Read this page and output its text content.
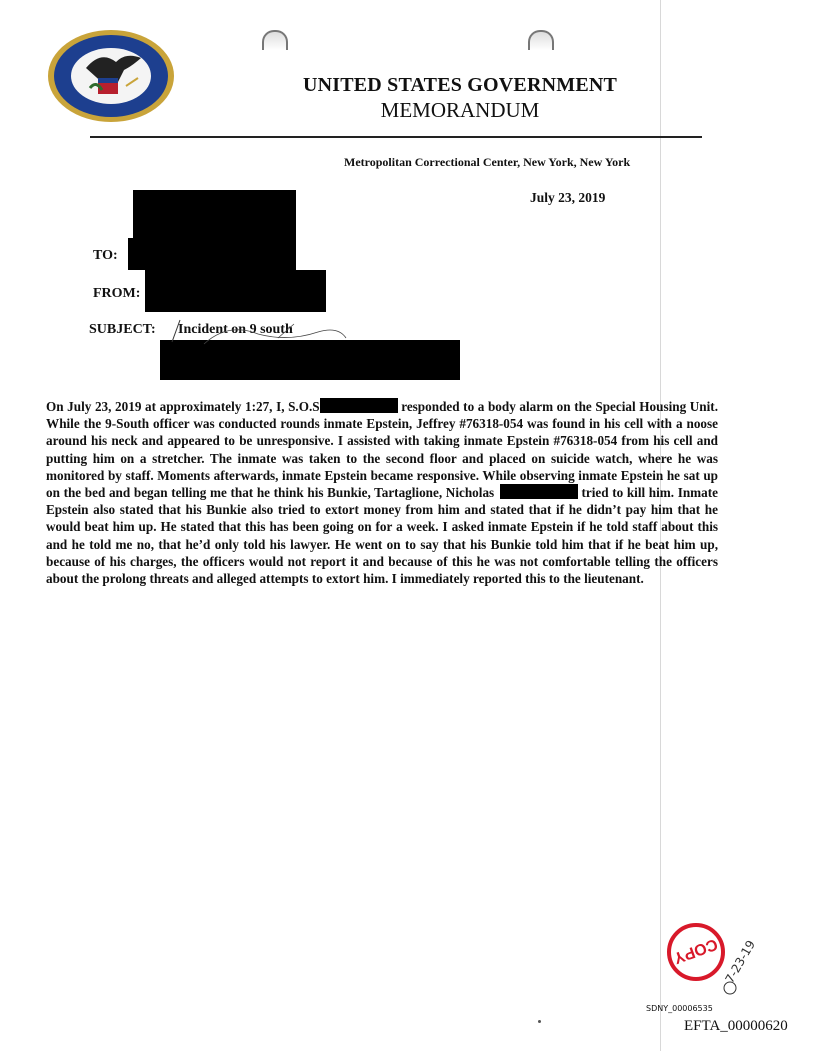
UNITED STATES GOVERNMENT
MEMORANDUM
Metropolitan Correctional Center, New York, New York
July 23, 2019
TO:
FROM:
SUBJECT: Incident on 9 south

On July 23, 2019 at approximately 1:27, I, S.O.S	responded to a body alarm on the Special Housing Unit. While the 9-South officer was conducted rounds inmate Epstein, Jeffrey #76318-054 was found in his cell with a noose around his neck and appeared to be unresponsive. I assisted with taking inmate Epstein #76318-054 from his cell and putting him on a stretcher. The inmate was taken to the second floor and placed on suicide watch, where he was monitored by staff. Moments afterwards, inmate Epstein became responsive. While observing inmate Epstein he sat up on the bed and began telling me that he think his Bunkie, Tartaglione, Nicholas	tried to kill him. Inmate Epstein also stated that his Bunkie also tried to extort money from him and stated that if he didn’t pay him that he would beat him up. He stated that this has been going on for a week. I asked inmate Epstein if he told staff about this and he told me no, that he’d only told his lawyer. He went on to say that his Bunkie told him that if he beat him up, because of his charges, the officers would not report it and because of this he was not comfortable telling the officers about the prolong threats and alleged attempts to extort him. I immediately reported this to the lieutenant.

COPY 7-23-19
SDNY_00006535
EFTA_00000620
